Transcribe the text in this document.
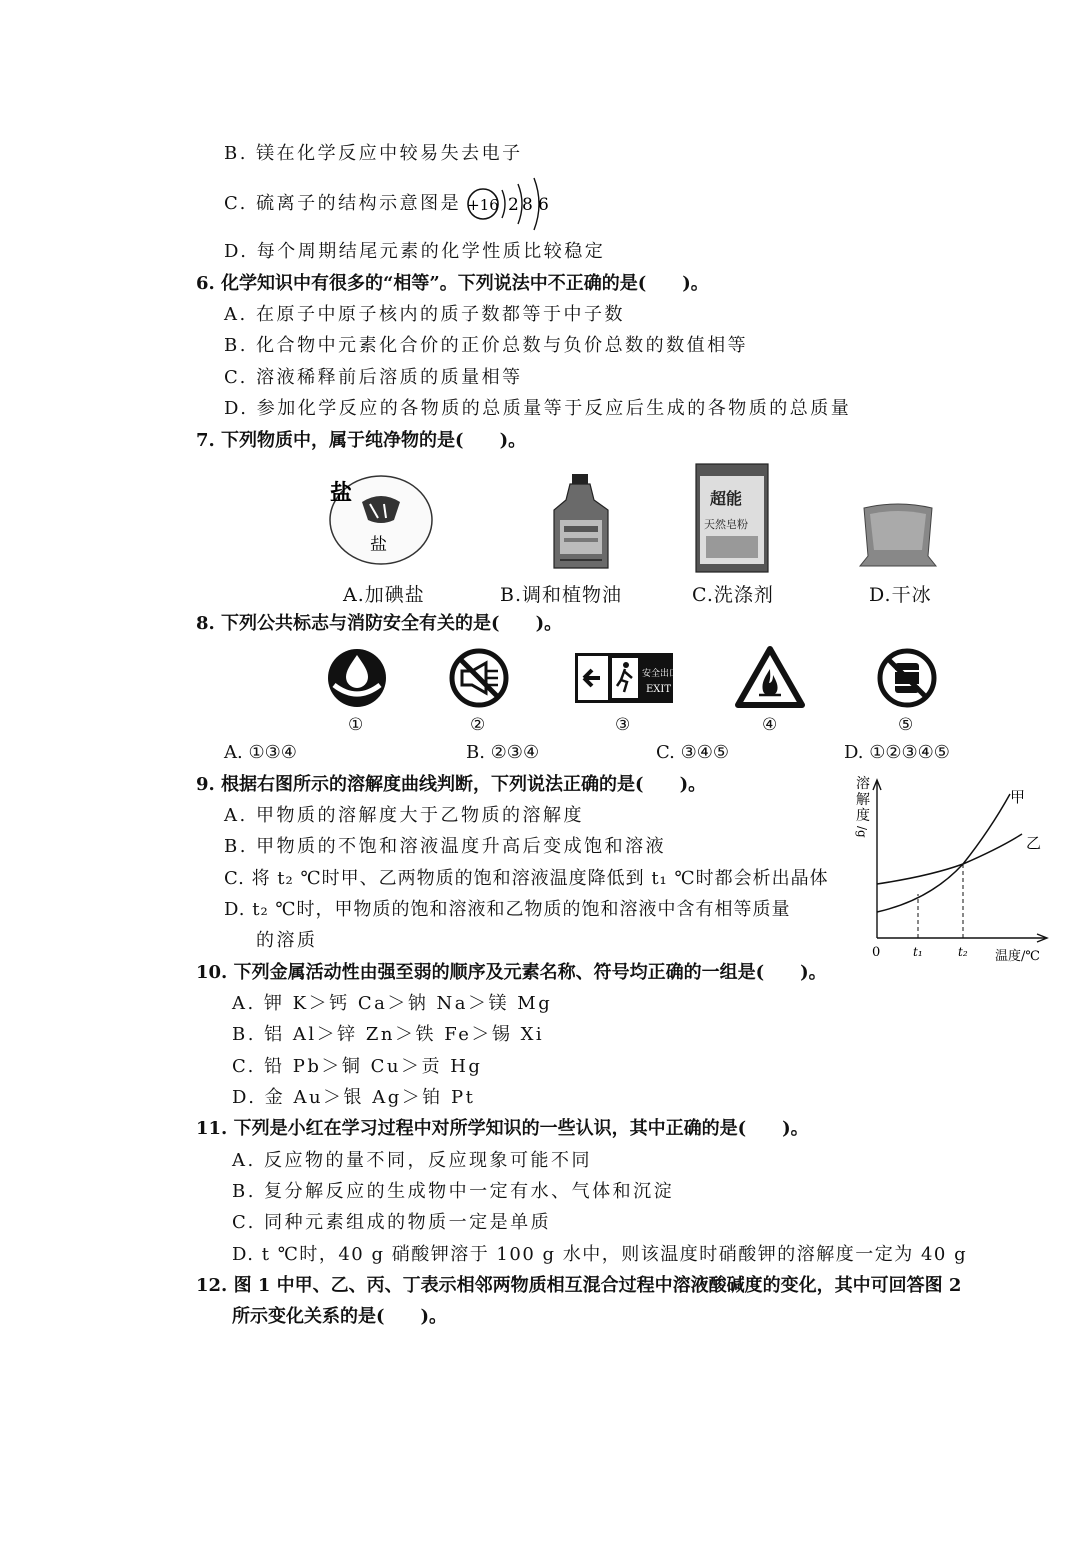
B. 镁在化学反应中较易失去电子
C. 硫离子的结构示意图是 +16 2 8 6
D. 每个周期结尾元素的化学性质比较稳定
6. 化学知识中有很多的“相等”。下列说法中不正确的是(　　)。
A. 在原子中原子核内的质子数都等于中子数
B. 化合物中元素化合价的正价总数与负价总数的数值相等
C. 溶液稀释前后溶质的质量相等
D. 参加化学反应的各物质的总质量等于反应后生成的各物质的总质量
7. 下列物质中，属于纯净物的是(　　)。
盐
盐
超能
天然皂粉
A.加碘盐	B.调和植物油	C.洗涤剂	D.干冰
8. 下列公共标志与消防安全有关的是(　　)。
安全出口
EXIT
①	②	③	④	⑤
A. ①③④	B. ②③④	C. ③④⑤	D. ①②③④⑤
9. 根据右图所示的溶解度曲线判断，下列说法正确的是(　　)。
A. 甲物质的溶解度大于乙物质的溶解度
B. 甲物质的不饱和溶液温度升高后变成饱和溶液
C. 将 t₂ ℃时甲、乙两物质的饱和溶液温度降低到 t₁ ℃时都会析出晶体
D. t₂ ℃时，甲物质的饱和溶液和乙物质的饱和溶液中含有相等质量
的溶质
溶
解
度
/g
0	t₁	t₂ 温度/℃
甲
乙
10. 下列金属活动性由强至弱的顺序及元素名称、符号均正确的一组是(　　)。
A. 钾 K＞钙 Ca＞钠 Na＞镁 Mg
B. 铝 Al＞锌 Zn＞铁 Fe＞锡 Xi
C. 铅 Pb＞铜 Cu＞贡 Hg
D. 金 Au＞银 Ag＞铂 Pt
11. 下列是小红在学习过程中对所学知识的一些认识，其中正确的是(　　)。
A. 反应物的量不同，反应现象可能不同
B. 复分解反应的生成物中一定有水、气体和沉淀
C. 同种元素组成的物质一定是单质
D. t ℃时，40 g 硝酸钾溶于 100 g 水中，则该温度时硝酸钾的溶解度一定为 40 g
12. 图 1 中甲、乙、丙、丁表示相邻两物质相互混合过程中溶液酸碱度的变化，其中可回答图 2
所示变化关系的是(　　)。
